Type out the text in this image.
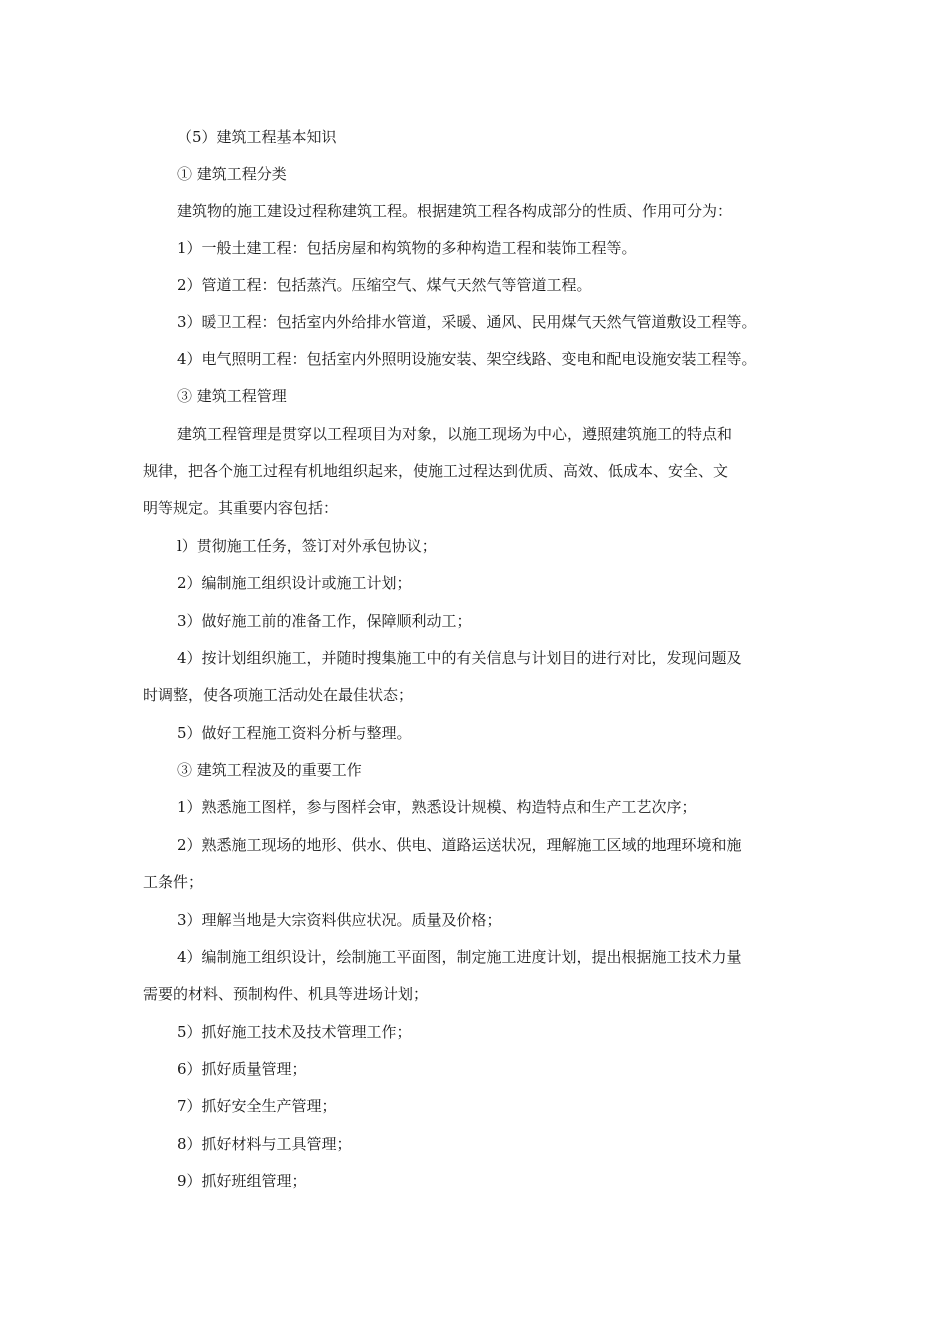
（5）建筑工程基本知识
① 建筑工程分类
建筑物的施工建设过程称建筑工程。根据建筑工程各构成部分的性质、作用可分为：
1）一般土建工程：包括房屋和构筑物的多种构造工程和装饰工程等。
2）管道工程：包括蒸汽。压缩空气、煤气天然气等管道工程。
3）暖卫工程：包括室内外给排水管道，采暖、通风、民用煤气天然气管道敷设工程等。
4）电气照明工程：包括室内外照明设施安装、架空线路、变电和配电设施安装工程等。
③ 建筑工程管理
建筑工程管理是贯穿以工程项目为对象，以施工现场为中心，遵照建筑施工的特点和
规律，把各个施工过程有机地组织起来，使施工过程达到优质、高效、低成本、安全、文
明等规定。其重要内容包括：
l）贯彻施工任务，签订对外承包协议；
2）编制施工组织设计或施工计划；
3）做好施工前的准备工作，保障顺利动工；
4）按计划组织施工，并随时搜集施工中的有关信息与计划目的进行对比，发现问题及
时调整，使各项施工活动处在最佳状态；
5）做好工程施工资料分析与整理。
③ 建筑工程波及的重要工作
1）熟悉施工图样，参与图样会审，熟悉设计规模、构造特点和生产工艺次序；
2）熟悉施工现场的地形、供水、供电、道路运送状况，理解施工区域的地理环境和施
工条件；
3）理解当地是大宗资料供应状况。质量及价格；
4）编制施工组织设计，绘制施工平面图，制定施工进度计划，提出根据施工技术力量
需要的材料、预制构件、机具等进场计划；
5）抓好施工技术及技术管理工作；
6）抓好质量管理；
7）抓好安全生产管理；
8）抓好材料与工具管理；
9）抓好班组管理；
